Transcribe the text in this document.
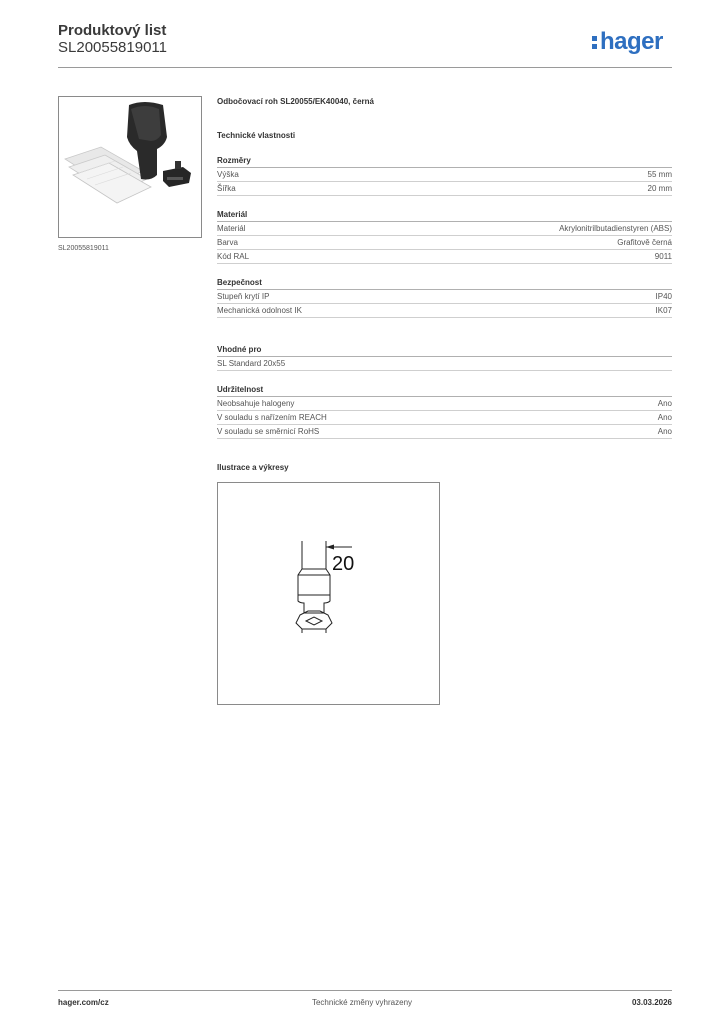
Produktový list
SL20055819011	hager
SL20055819011
Odbočovací roh SL20055/EK40040, černá
Technické vlastnosti
Rozměry
Výška	55 mm
Šířka	20 mm
Materiál
Materiál	Akrylonitrilbutadienstyren (ABS)
Barva	Grafitově černá
Kód RAL	9011
Bezpečnost
Stupeň krytí IP	IP40
Mechanická odolnost IK	IK07
Vhodné pro
SL Standard 20x55
Udržitelnost
Neobsahuje halogeny	Ano
V souladu s nařízením REACH	Ano
V souladu se směrnicí RoHS	Ano
Ilustrace a výkresy
20
hager.com/cz	Technické změny vyhrazeny	03.03.2026
